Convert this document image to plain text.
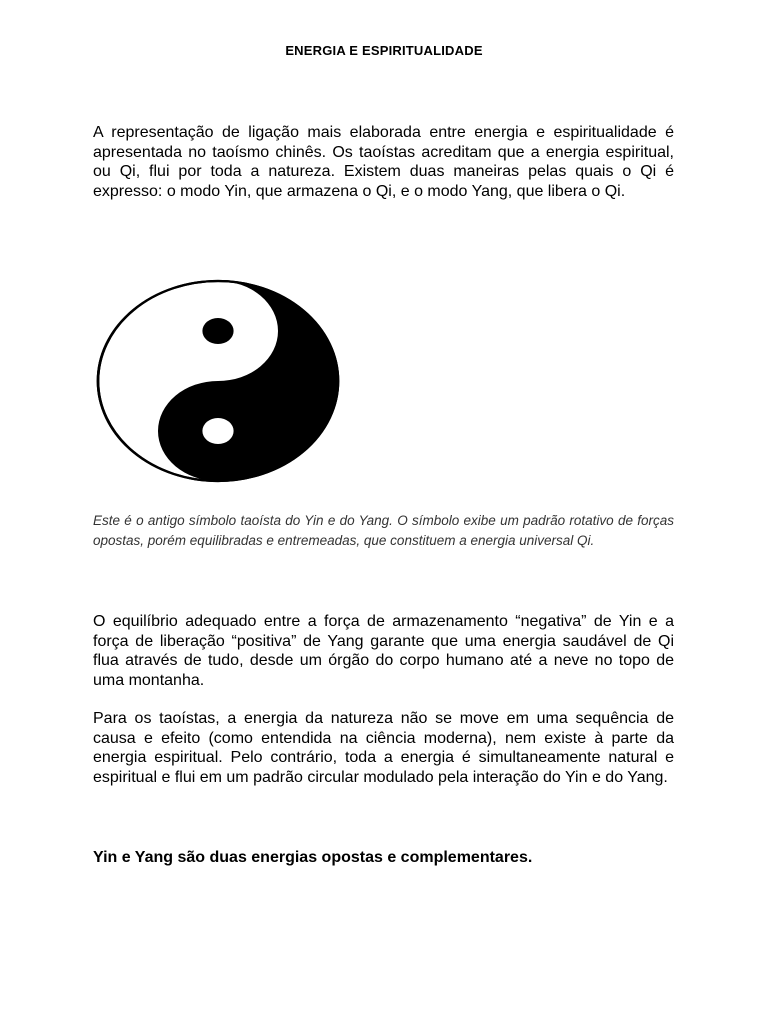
ENERGIA E ESPIRITUALIDADE

A representação de ligação mais elaborada entre energia e espiritualidade é apresentada no taoísmo chinês. Os taoístas acreditam que a energia espiritual, ou Qi, flui por toda a natureza. Existem duas maneiras pelas quais o Qi é expresso: o modo Yin, que armazena o Qi, e o modo Yang, que libera o Qi.

Este é o antigo símbolo taoísta do Yin e do Yang. O símbolo exibe um padrão rotativo de forças opostas, porém equilibradas e entremeadas, que constituem a energia universal Qi.

O equilíbrio adequado entre a força de armazenamento “negativa” de Yin e a força de liberação “positiva” de Yang garante que uma energia saudável de Qi flua através de tudo, desde um órgão do corpo humano até a neve no topo de uma montanha.

Para os taoístas, a energia da natureza não se move em uma sequência de causa e efeito (como entendida na ciência moderna), nem existe à parte da energia espiritual. Pelo contrário, toda a energia é simultaneamente natural e espiritual e flui em um padrão circular modulado pela interação do Yin e do Yang.

Yin e Yang são duas energias opostas e complementares.
